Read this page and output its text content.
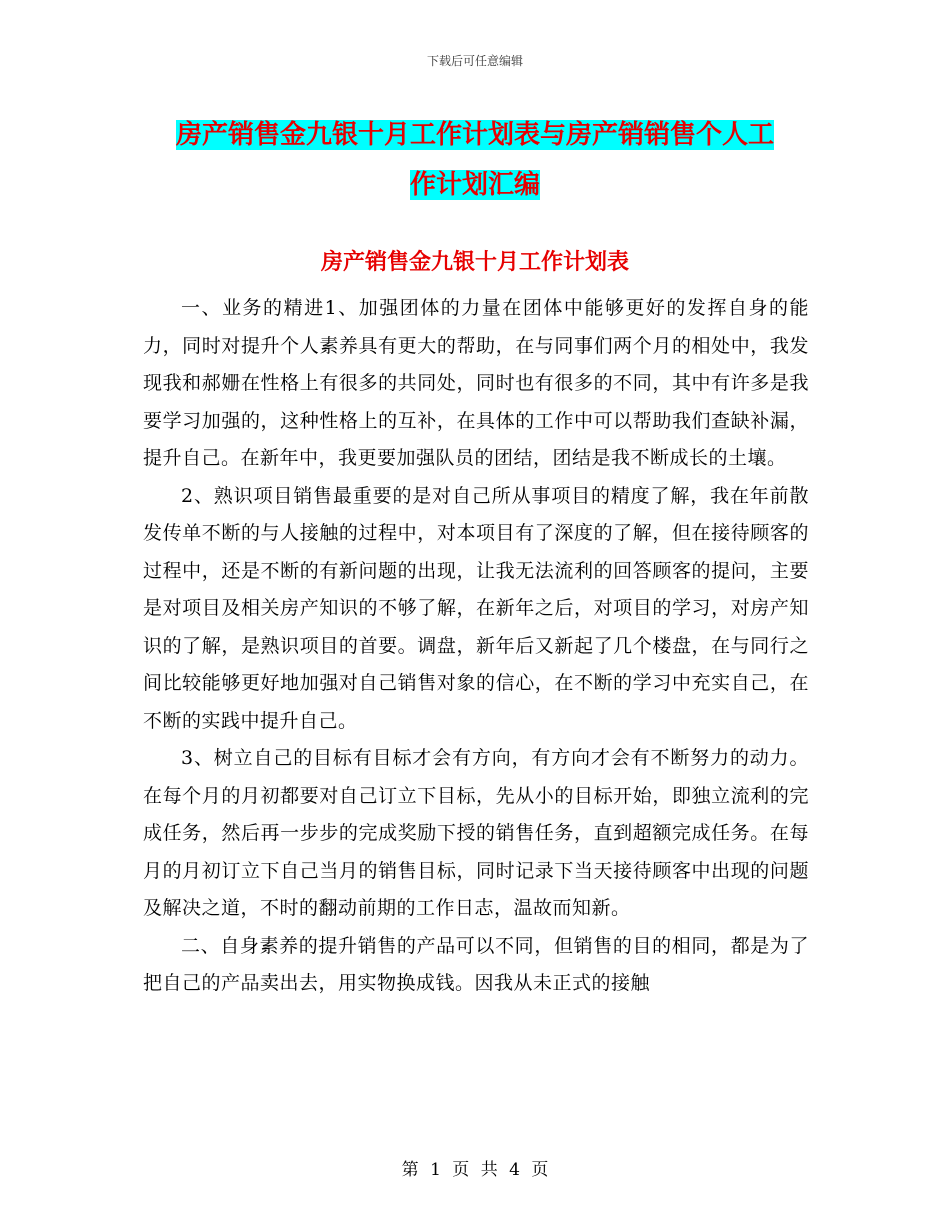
下载后可任意编辑
房产销售金九银十月工作计划表与房产销销售个人工
作计划汇编
房产销售金九银十月工作计划表

一、业务的精进1、加强团体的力量在团体中能够更好的发挥自身的能力，同时对提升个人素养具有更大的帮助，在与同事们两个月的相处中，我发现我和郝姗在性格上有很多的共同处，同时也有很多的不同，其中有许多是我要学习加强的，这种性格上的互补，在具体的工作中可以帮助我们查缺补漏，提升自己。在新年中，我更要加强队员的团结，团结是我不断成长的土壤。

2、熟识项目销售最重要的是对自己所从事项目的精度了解，我在年前散发传单不断的与人接触的过程中，对本项目有了深度的了解，但在接待顾客的过程中，还是不断的有新问题的出现，让我无法流利的回答顾客的提问，主要是对项目及相关房产知识的不够了解，在新年之后，对项目的学习，对房产知识的了解，是熟识项目的首要。调盘，新年后又新起了几个楼盘，在与同行之间比较能够更好地加强对自己销售对象的信心，在不断的学习中充实自己，在不断的实践中提升自己。

3、树立自己的目标有目标才会有方向，有方向才会有不断努力的动力。在每个月的月初都要对自己订立下目标，先从小的目标开始，即独立流利的完成任务，然后再一步步的完成奖励下授的销售任务，直到超额完成任务。在每月的月初订立下自己当月的销售目标，同时记录下当天接待顾客中出现的问题及解决之道，不时的翻动前期的工作日志，温故而知新。

二、自身素养的提升销售的产品可以不同，但销售的目的相同，都是为了把自己的产品卖出去，用实物换成钱。因我从未正式的接触

第 1 页 共 4 页
